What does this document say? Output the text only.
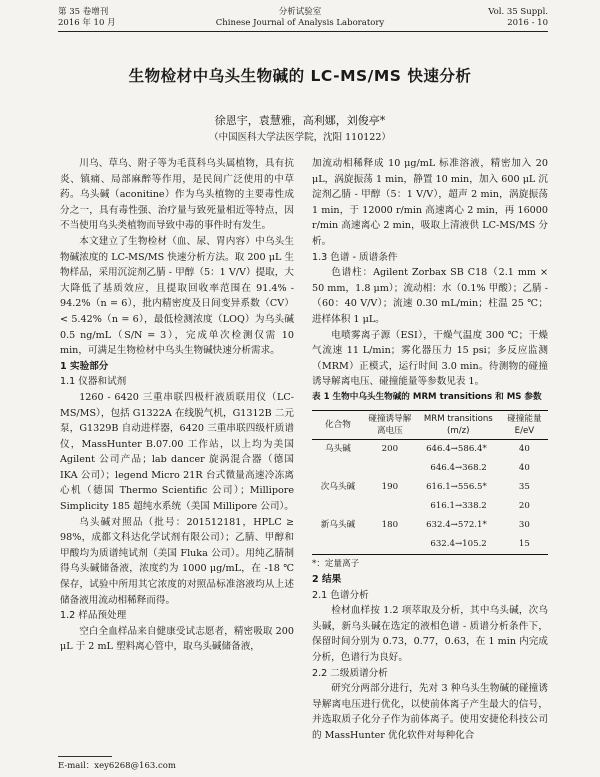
第 35 卷增刊
2016 年 10 月
分析试验室
Chinese Journal of Analysis Laboratory
Vol. 35 Suppl.
2016 - 10
生物检材中乌头生物碱的 LC-MS/MS 快速分析
徐恩宇，袁慧雅，高利娜，刘俊亭*
（中国医科大学法医学院，沈阳 110122）

川乌、草乌、附子等为毛茛科乌头属植物，具有抗炎、镇痛、局部麻醉等作用，是民间广泛使用的中草药。乌头碱（aconitine）作为乌头植物的主要毒性成分之一，具有毒性强、治疗量与致死量相近等特点，因不当使用乌头类植物而导致中毒的事件时有发生。

本文建立了生物检材（血、尿、胃内容）中乌头生物碱浓度的 LC-MS/MS 快速分析方法。取 200 μL 生物样品，采用沉淀剂乙腈 - 甲醇（5：1 V/V）提取，大大降低了基质效应，且提取回收率范围在 91.4% - 94.2%（n = 6），批内精密度及日间变异系数（CV）< 5.42%（n = 6），最低检测浓度（LOQ）为乌头碱 0.5 ng/mL（S/N = 3），完成单次检测仅需 10 min，可满足生物检材中乌头生物碱快速分析需求。

1 实验部分

1.1 仪器和试剂

1260 - 6420 三重串联四极杆液质联用仪（LC-MS/MS），包括 G1322A 在线脱气机，G1312B 二元泵，G1329B 自动进样器，6420 三重串联四级杆质谱仪，MassHunter B.07.00 工作站，以上均为美国 Agilent 公司产品；lab dancer 旋涡混合器（德国 IKA 公司）；legend Micro 21R 台式微量高速冷冻离心机（德国 Thermo Scientific 公司）；Millipore Simplicity 185 超纯水系统（美国 Millipore 公司）。

乌头碱对照品（批号：201512181，HPLC ≥ 98%，成都文科达化学试剂有限公司）；乙腈、甲醇和甲酸均为质谱纯试剂（美国 Fluka 公司）。用纯乙腈制得乌头碱储备液，浓度约为 1000 μg/mL，在 -18 ℃ 保存，试验中所用其它浓度的对照品标准溶液均从上述储备液用流动相稀释而得。

1.2 样品预处理

空白全血样品来自健康受试志愿者，精密吸取 200 μL 于 2 mL 塑料离心管中，取乌头碱储备液，

加流动相稀释成 10 μg/mL 标准溶液，精密加入 20 μL，涡旋振荡 1 min，静置 10 min，加入 600 μL 沉淀剂乙腈 - 甲醇（5：1 V/V），超声 2 min，涡旋振荡 1 min，于 12000 r/min 高速离心 2 min，再 16000 r/min 高速离心 2 min，吸取上清液供 LC-MS/MS 分析。

1.3 色谱 - 质谱条件

色谱柱：Agilent Zorbax SB C18（2.1 mm × 50 mm，1.8 μm）；流动相：水（0.1% 甲酸）；乙腈 -（60：40 V/V）；流速 0.30 mL/min；柱温 25 ℃；进样体积 1 μL。

电喷雾离子源（ESI），干燥气温度 300 ℃；干燥气流速 11 L/min；雾化器压力 15 psi；多反应监测（MRM）正模式，运行时间 3.0 min。待测物的碰撞诱导解离电压、碰撞能量等参数见表 1。

表 1 生物中乌头生物碱的 MRM transitions 和 MS 参数
化合物	碰撞诱导解离电压	MRM transitions (m/z)	碰撞能量 E/eV
乌头碱	200	646.4→586.4*	40
		646.4→368.2	40
次乌头碱	190	616.1→556.5*	35
		616.1→338.2	20
新乌头碱	180	632.4→572.1*	30
		632.4→105.2	15
*：定量离子

2 结果

2.1 色谱分析

检材血样按 1.2 项萃取及分析，其中乌头碱，次乌头碱，新乌头碱在选定的液相色谱 - 质谱分析条件下，保留时间分别为 0.73，0.77，0.63，在 1 min 内完成分析，色谱行为良好。

2.2 二级质谱分析

研究分两部分进行，先对 3 种乌头生物碱的碰撞诱导解离电压进行优化，以使前体离子产生最大的信号，并选取质子化分子作为前体离子。使用安捷伦科技公司的 MassHunter 优化软件对每种化合

E-mail：xey6268@163.com
